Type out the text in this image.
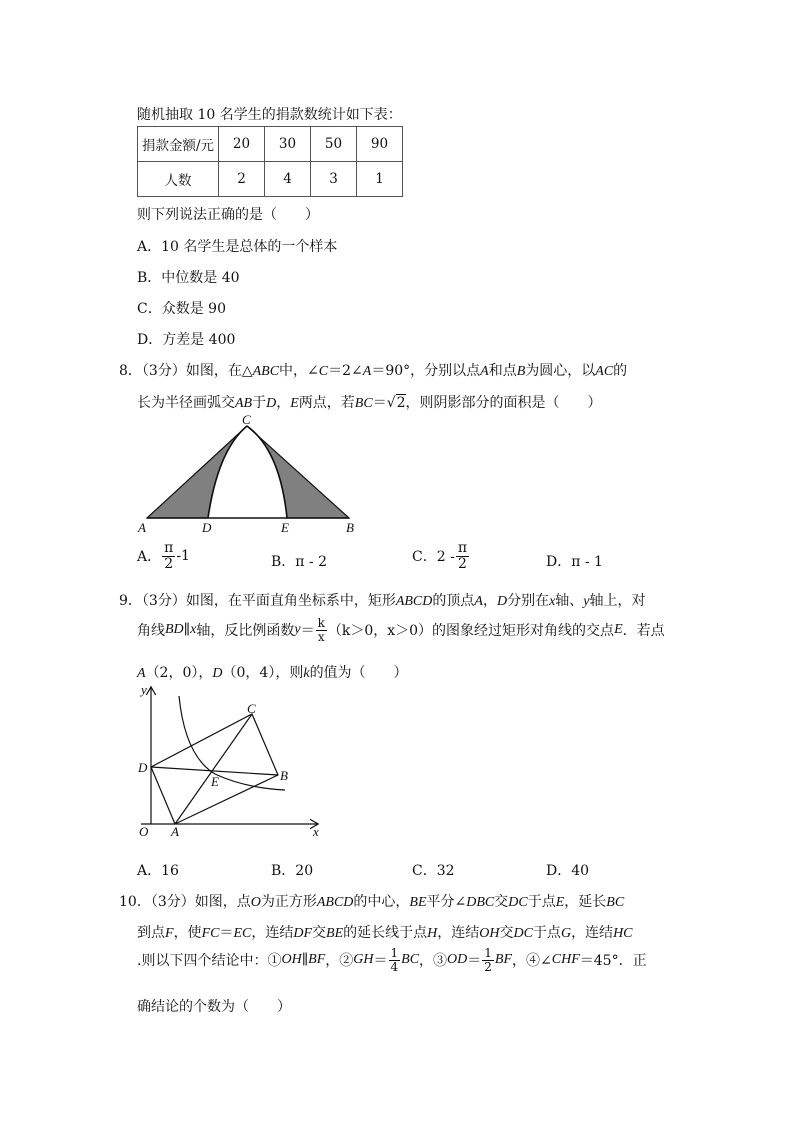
随机抽取 10 名学生的捐款数统计如下表：
捐款金额/元	20	30	50	90
人数	2	4	3	1
则下列说法正确的是（　　）
A．10 名学生是总体的一个样本
B．中位数是 40
C．众数是 90
D．方差是 400
8．（3分）如图，在△ABC中，∠C＝2∠A＝90°，分别以点A和点B为圆心，以AC的
长为半径画弧交AB于D，E两点，若BC＝√2，则阴影部分的面积是（　　）
C
A	D	E	B
A． $\frac{\pi}{2} -1$	B．π - 2	C．$2 - \frac{\pi}{2}$	D．π - 1
9．（3分）如图，在平面直角坐标系中，矩形ABCD的顶点A，D分别在x轴、y轴上，对
角线BD∥x轴，反比例函数$y= \frac{k}{x} (k>0$，x＞0）的图象经过矩形对角线的交点E．若点
A（2，0），D（0，4），则k的值为（　　）
y
x
O A
D
C
B
E
A．16	B．20	C．32	D．40
10．（3分）如图，点O为正方形ABCD的中心，BE平分∠DBC交DC于点E，延长BC
到点F，使FC＝EC，连结DF交BE的延长线于点H，连结OH交DC于点G，连结HC
.则以下四个结论中：①OH∥BF，②GH＝ $\frac{1}{4}$ BC，③OD＝ $\frac{1}{2}$ BF，④∠CHF＝45°．正
确结论的个数为（　　）
